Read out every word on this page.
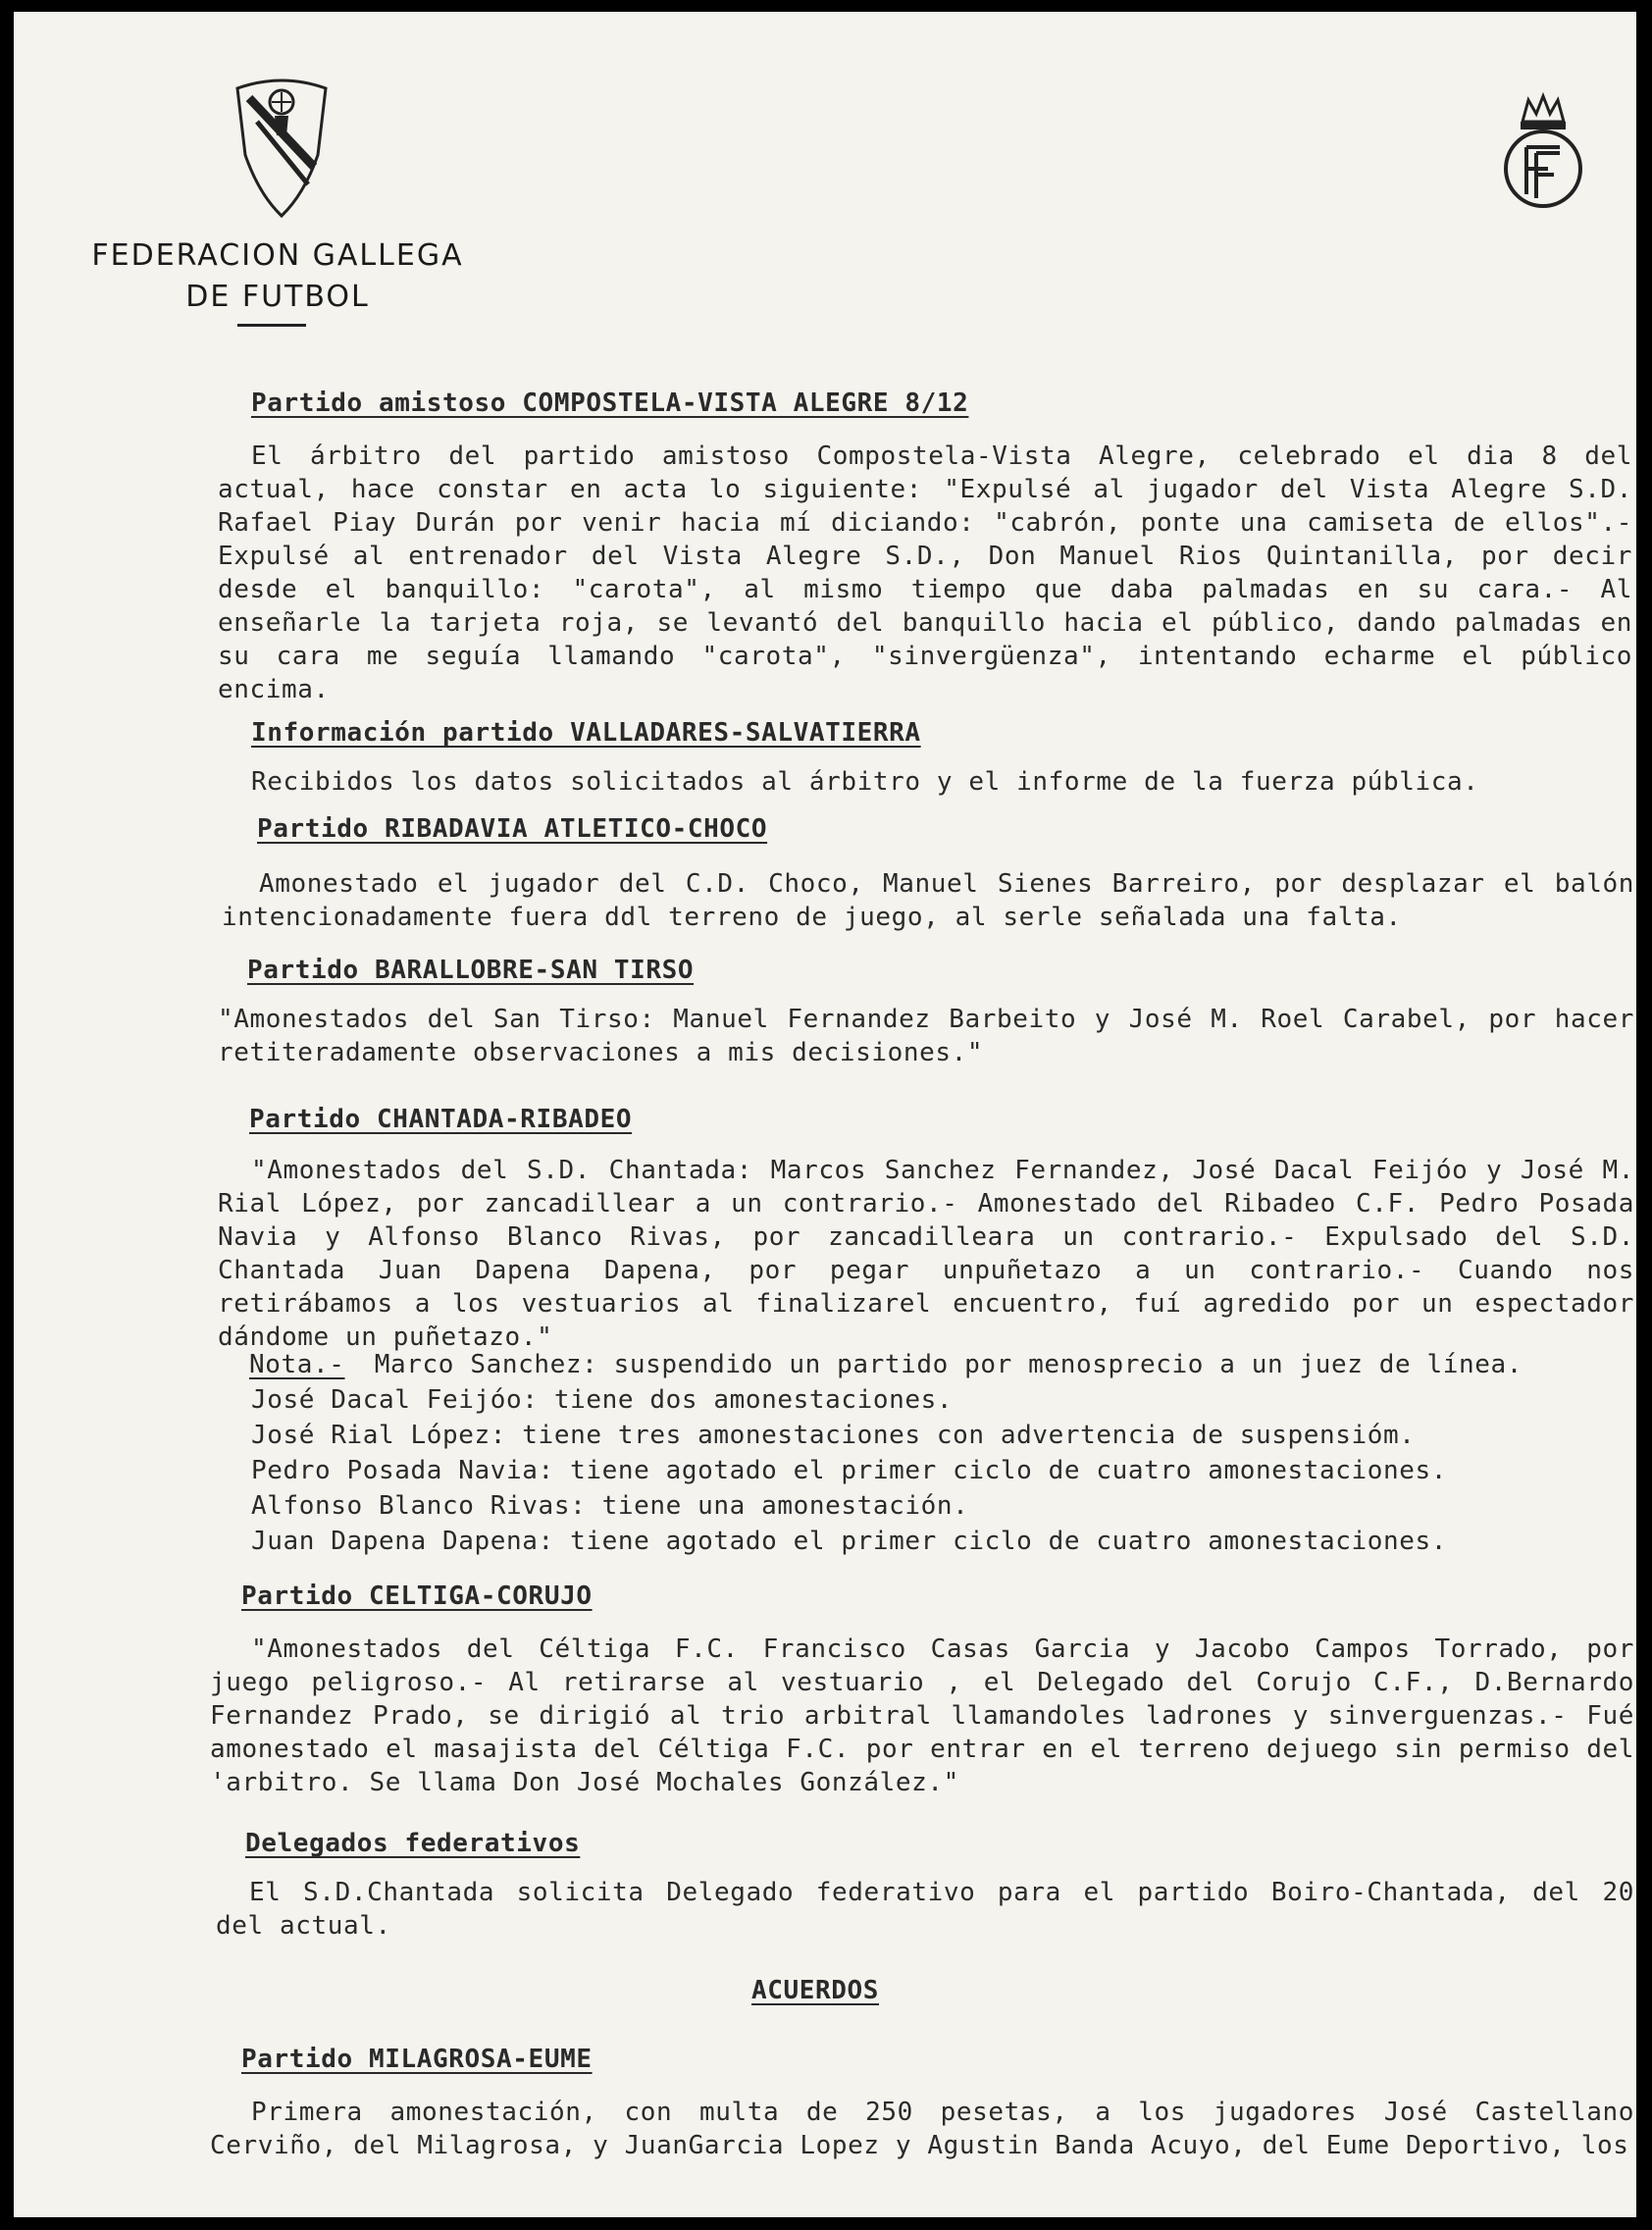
FEDERACION GALLEGA
DE FUTBOL
Partido amistoso COMPOSTELA-VISTA ALEGRE 8/12
El árbitro del partido amistoso Compostela-Vista Alegre, celebrado el dia 8 del actual, hace constar en acta lo siguiente: "Expulsé al jugador del Vista Alegre S.D. Rafael Piay Durán por venir hacia mí diciando: "cabrón, ponte una camiseta de ellos".- Expulsé al entrenador del Vista Alegre S.D., Don Manuel Rios Quintanilla, por decir desde el banquillo: "carota", al mismo tiempo que daba palmadas en su cara.- Al enseñarle la tarjeta roja, se levantó del banquillo hacia el público, dando palmadas en su cara me seguía llamando "carota", "sinvergüenza", intentando echarme el público encima.
Información partido VALLADARES-SALVATIERRA
Recibidos los datos solicitados al árbitro y el informe de la fuerza pública.
Partido RIBADAVIA ATLETICO-CHOCO
Amonestado el jugador del C.D. Choco, Manuel Sienes Barreiro, por desplazar el balón intencionadamente fuera ddl terreno de juego, al serle señalada una falta.
Partido BARALLOBRE-SAN TIRSO
"Amonestados del San Tirso: Manuel Fernandez Barbeito y José M. Roel Carabel, por hacer retiteradamente observaciones a mis decisiones."
Partido CHANTADA-RIBADEO
"Amonestados del S.D. Chantada: Marcos Sanchez Fernandez, José Dacal Feijóo y José M. Rial López, por zancadillear a un contrario.- Amonestado del Ribadeo C.F. Pedro Posada Navia y Alfonso Blanco Rivas, por zancadilleara un contrario.- Expulsado del S.D. Chantada Juan Dapena Dapena, por pegar unpuñetazo a un contrario.- Cuando nos retirábamos a los vestuarios al finalizarel encuentro, fuí agredido por un espectador dándome un puñetazo."
Nota.- Marco Sanchez: suspendido un partido por menosprecio a un juez de línea.
José Dacal Feijóo: tiene dos amonestaciones.
José Rial López: tiene tres amonestaciones con advertencia de suspensióm.
Pedro Posada Navia: tiene agotado el primer ciclo de cuatro amonestaciones.
Alfonso Blanco Rivas: tiene una amonestación.
Juan Dapena Dapena: tiene agotado el primer ciclo de cuatro amonestaciones.
Partido CELTIGA-CORUJO
"Amonestados del Céltiga F.C. Francisco Casas Garcia y Jacobo Campos Torrado, por juego peligroso.- Al retirarse al vestuario , el Delegado del Corujo C.F., D.Bernardo Fernandez Prado, se dirigió al trio arbitral llamandoles ladrones y sinverguenzas.- Fué amonestado el masajista del Céltiga F.C. por entrar en el terreno dejuego sin permiso del 'arbitro. Se llama Don José Mochales González."
Delegados federativos
El S.D.Chantada solicita Delegado federativo para el partido Boiro-Chantada, del 20 del actual.
ACUERDOS
Partido MILAGROSA-EUME
Primera amonestación, con multa de 250 pesetas, a los jugadores José Castellano Cerviño, del Milagrosa, y JuanGarcia Lopez y Agustin Banda Acuyo, del Eume Deportivo, los
